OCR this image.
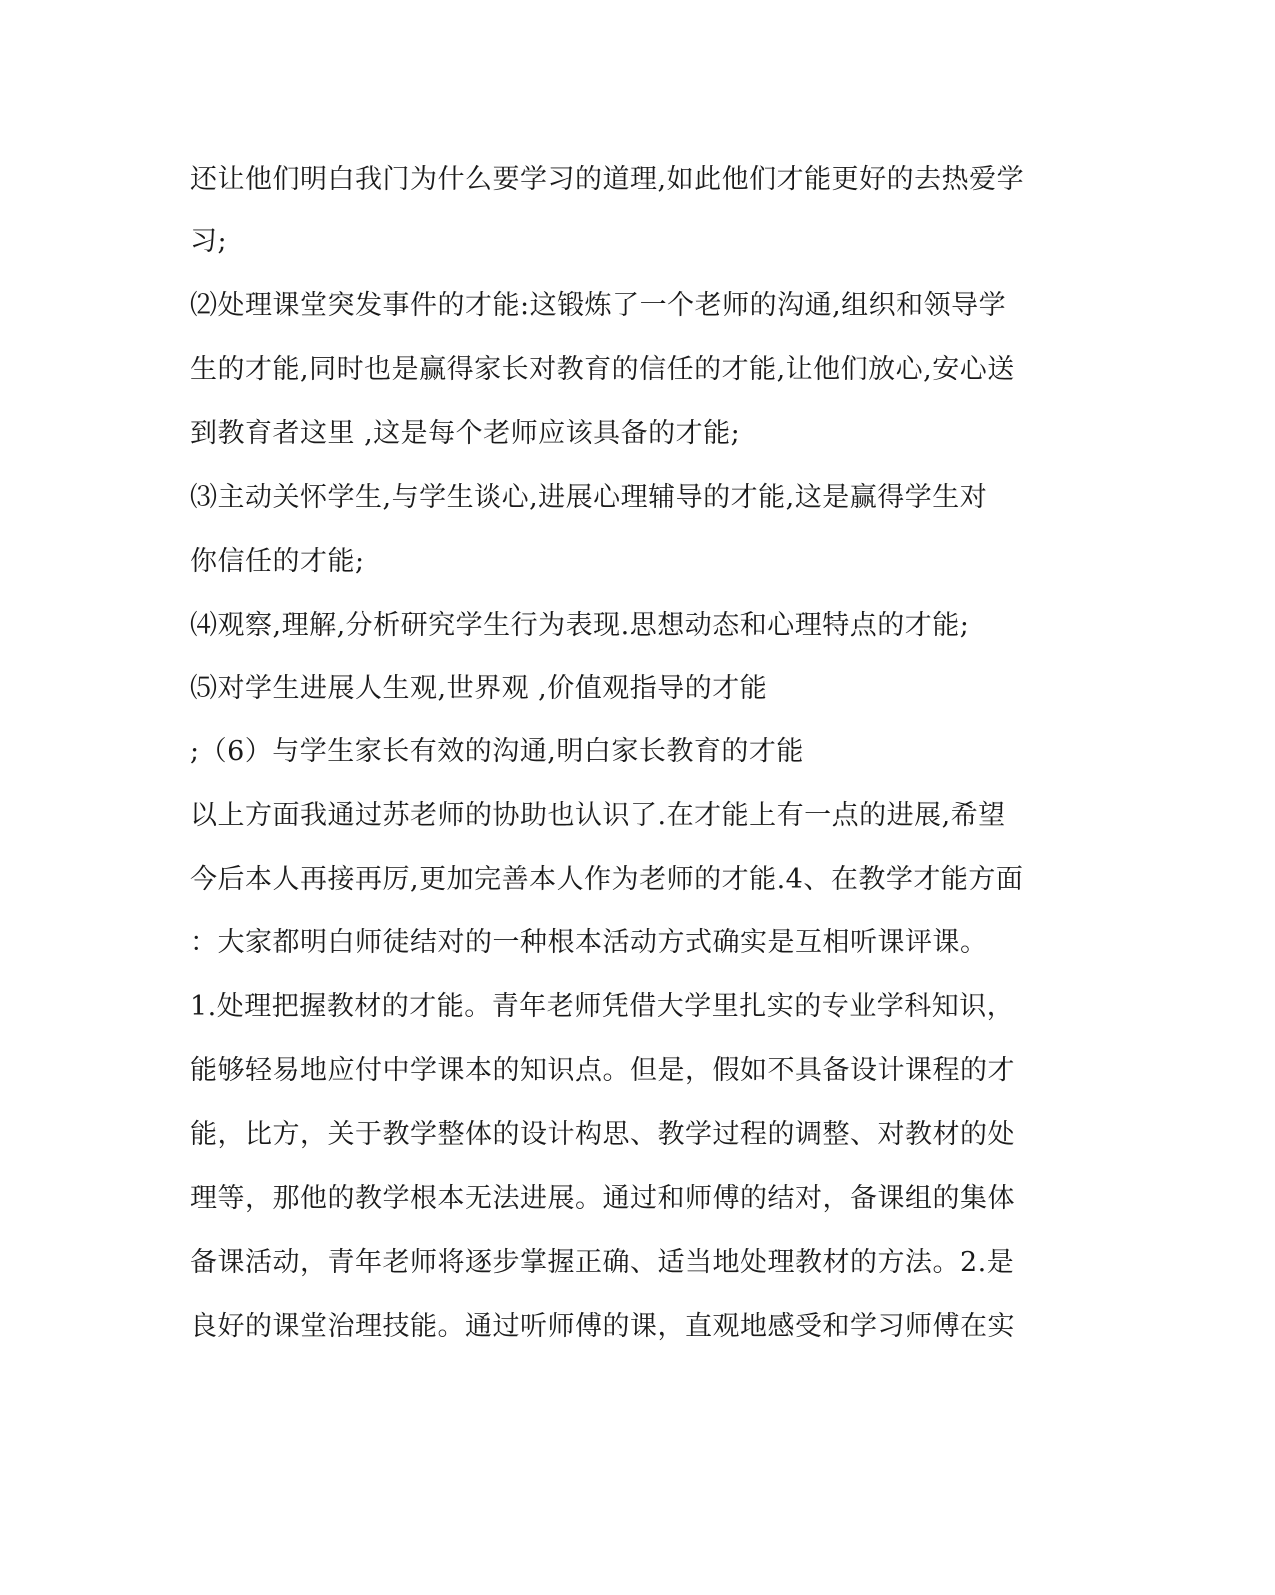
还让他们明白我门为什么要学习的道理,如此他们才能更好的去热爱学
习;
⑵处理课堂突发事件的才能:这锻炼了一个老师的沟通,组织和领导学
生的才能,同时也是赢得家长对教育的信任的才能,让他们放心,安心送
到教育者这里 ,这是每个老师应该具备的才能;
⑶主动关怀学生,与学生谈心,进展心理辅导的才能,这是赢得学生对
你信任的才能;
⑷观察,理解,分析研究学生行为表现.思想动态和心理特点的才能;
⑸对学生进展人生观,世界观 ,价值观指导的才能
;（6）与学生家长有效的沟通,明白家长教育的才能
以上方面我通过苏老师的协助也认识了.在才能上有一点的进展,希望
今后本人再接再厉,更加完善本人作为老师的才能.4、在教学才能方面
：大家都明白师徒结对的一种根本活动方式确实是互相听课评课。
1.处理把握教材的才能。青年老师凭借大学里扎实的专业学科知识，
能够轻易地应付中学课本的知识点。但是，假如不具备设计课程的才
能，比方，关于教学整体的设计构思、教学过程的调整、对教材的处
理等，那他的教学根本无法进展。通过和师傅的结对，备课组的集体
备课活动，青年老师将逐步掌握正确、适当地处理教材的方法。2.是
良好的课堂治理技能。通过听师傅的课，直观地感受和学习师傅在实
